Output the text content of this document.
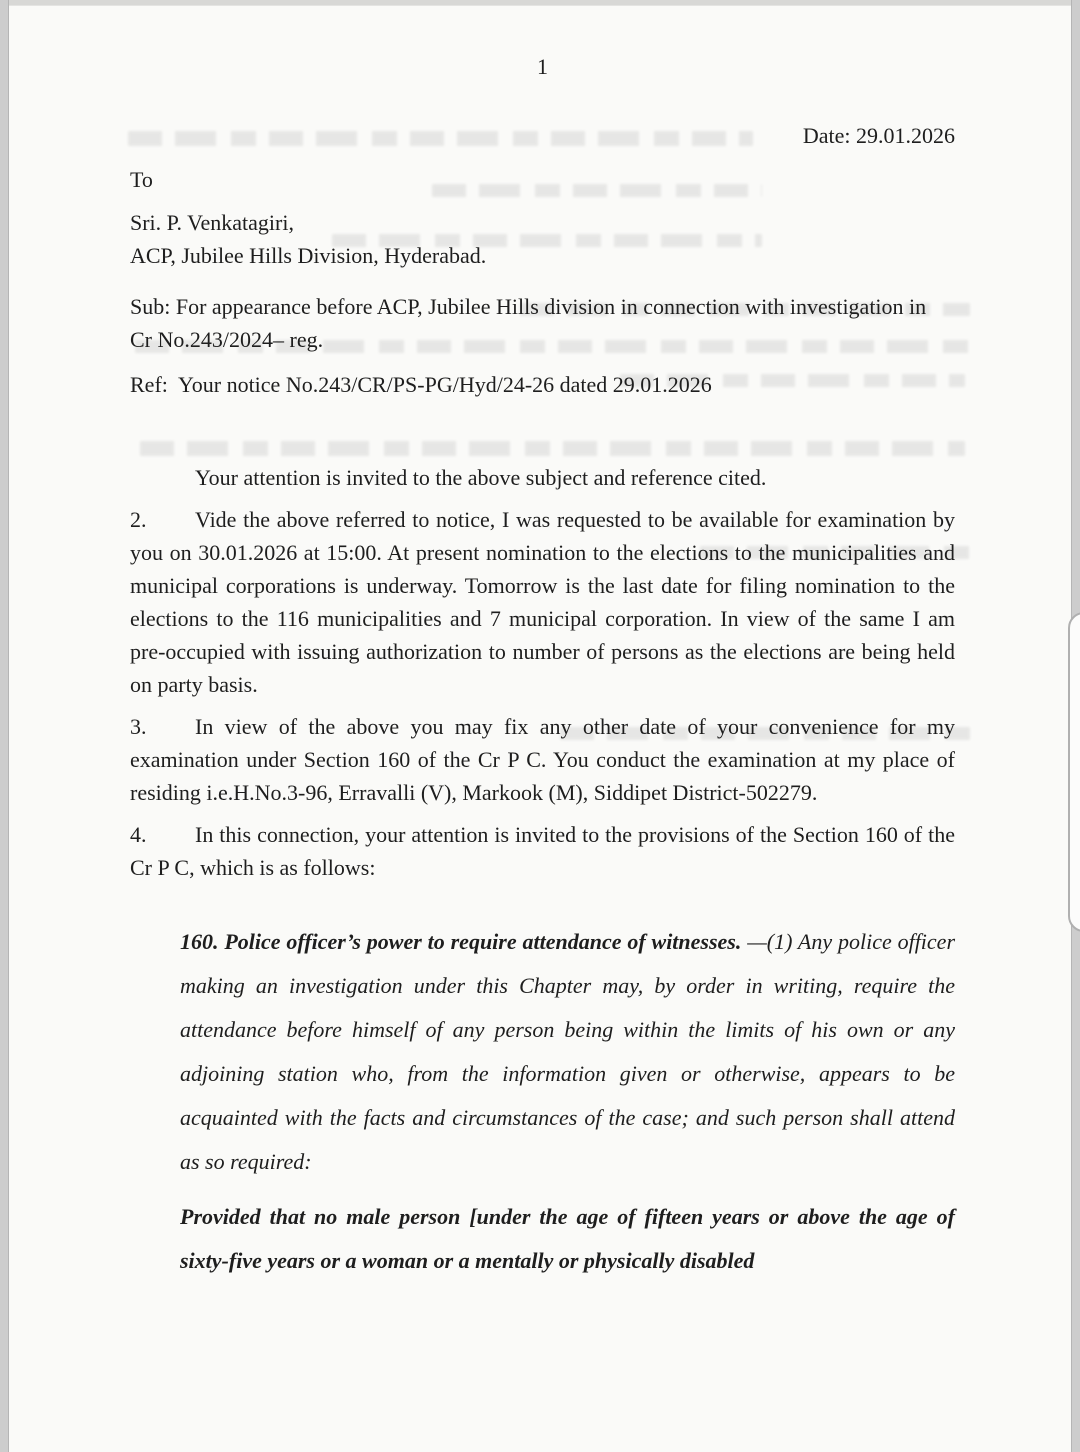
1
Date: 29.01.2026

To

Sri. P. Venkatagiri,
ACP, Jubilee Hills Division, Hyderabad.

Sub: For appearance before ACP, Jubilee Hills division in connection with investigation in Cr No.243/2024– reg.

Ref:  Your notice No.243/CR/PS-PG/Hyd/24-26 dated 29.01.2026

Your attention is invited to the above subject and reference cited.

2. Vide the above referred to notice, I was requested to be available for examination by you on 30.01.2026 at 15:00. At present nomination to the elections to the municipalities and municipal corporations is underway. Tomorrow is the last date for filing nomination to the elections to the 116 municipalities and 7 municipal corporation. In view of the same I am pre-occupied with issuing authorization to number of persons as the elections are being held on party basis.

3. In view of the above you may fix any other date of your convenience for my examination under Section 160 of the Cr P C. You conduct the examination at my place of residing i.e.H.No.3-96, Erravalli (V), Markook (M), Siddipet District-502279.

4. In this connection, your attention is invited to the provisions of the Section 160 of the Cr P C, which is as follows:

160. Police officer’s power to require attendance of witnesses. —(1) Any police officer making an investigation under this Chapter may, by order in writing, require the attendance before himself of any person being within the limits of his own or any adjoining station who, from the information given or otherwise, appears to be acquainted with the facts and circumstances of the case; and such person shall attend as so required:

Provided that no male person [under the age of fifteen years or above the age of sixty-five years or a woman or a mentally or physically disabled
